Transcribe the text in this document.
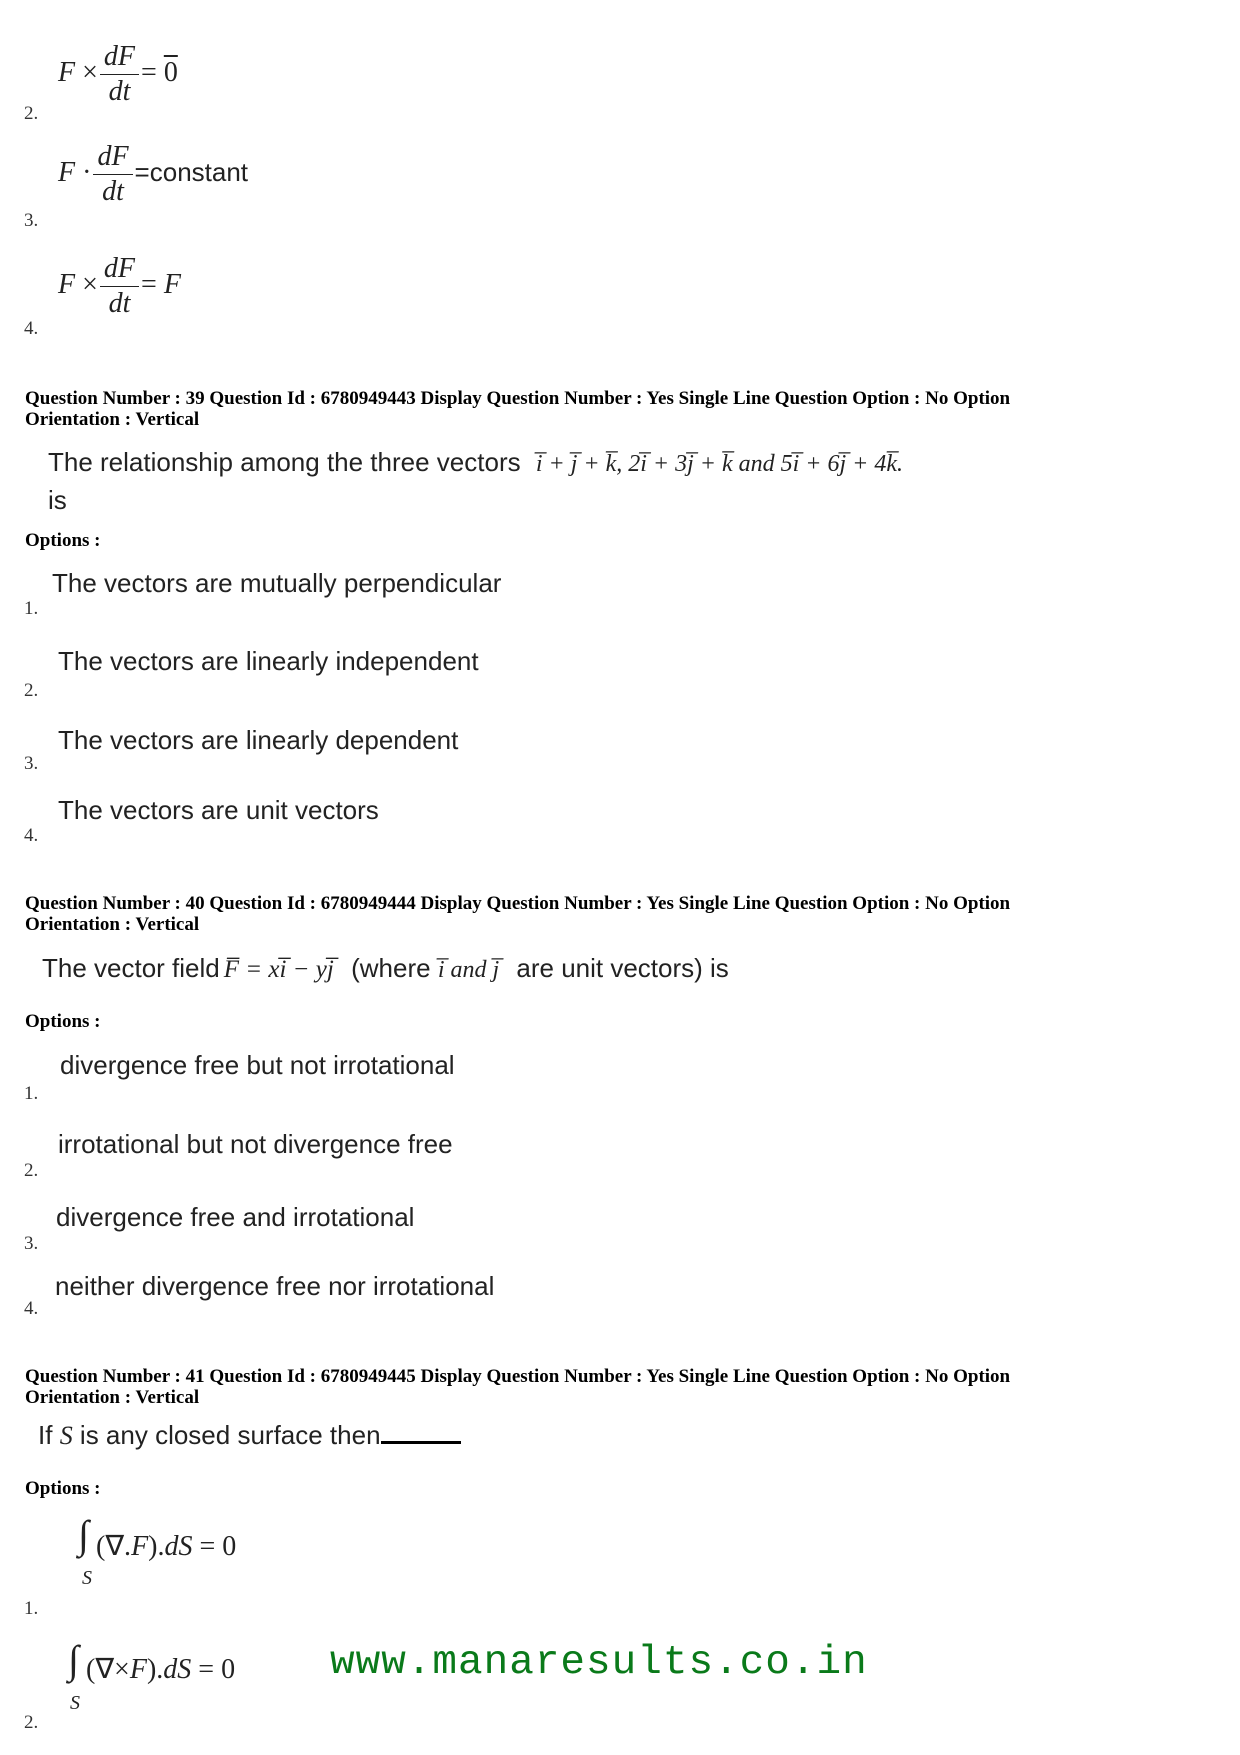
$F \times \frac{dF}{dt} = 0$
2.
$F \cdot \frac{dF}{dt}$ =constant
3.
$F \times \frac{dF}{dt} = F$
4.
Question Number : 39 Question Id : 6780949443 Display Question Number : Yes Single Line Question Option : No Option
Orientation : Vertical
The relationship among the three vectors i̅ + j̅ + k̅, 2i̅ + 3j̅ + k̅ and 5i̅ + 6j̅ + 4k̅.
is
Options :
The vectors are mutually perpendicular
1.
The vectors are linearly independent
2.
The vectors are linearly dependent
3.
The vectors are unit vectors
4.
Question Number : 40 Question Id : 6780949444 Display Question Number : Yes Single Line Question Option : No Option
Orientation : Vertical
The vector field F̅ = xi̅ − yj̅ (where i̅ and j̅ are unit vectors) is
Options :
divergence free but not irrotational
1.
irrotational but not divergence free
2.
divergence free and irrotational
3.
neither divergence free nor irrotational
4.
Question Number : 41 Question Id : 6780949445 Display Question Number : Yes Single Line Question Option : No Option
Orientation : Vertical
If S is any closed surface then
Options :
∫ (∇.F).dS = 0
S
1.
∫ (∇×F).dS = 0
S
2.
www.manaresults.co.in
